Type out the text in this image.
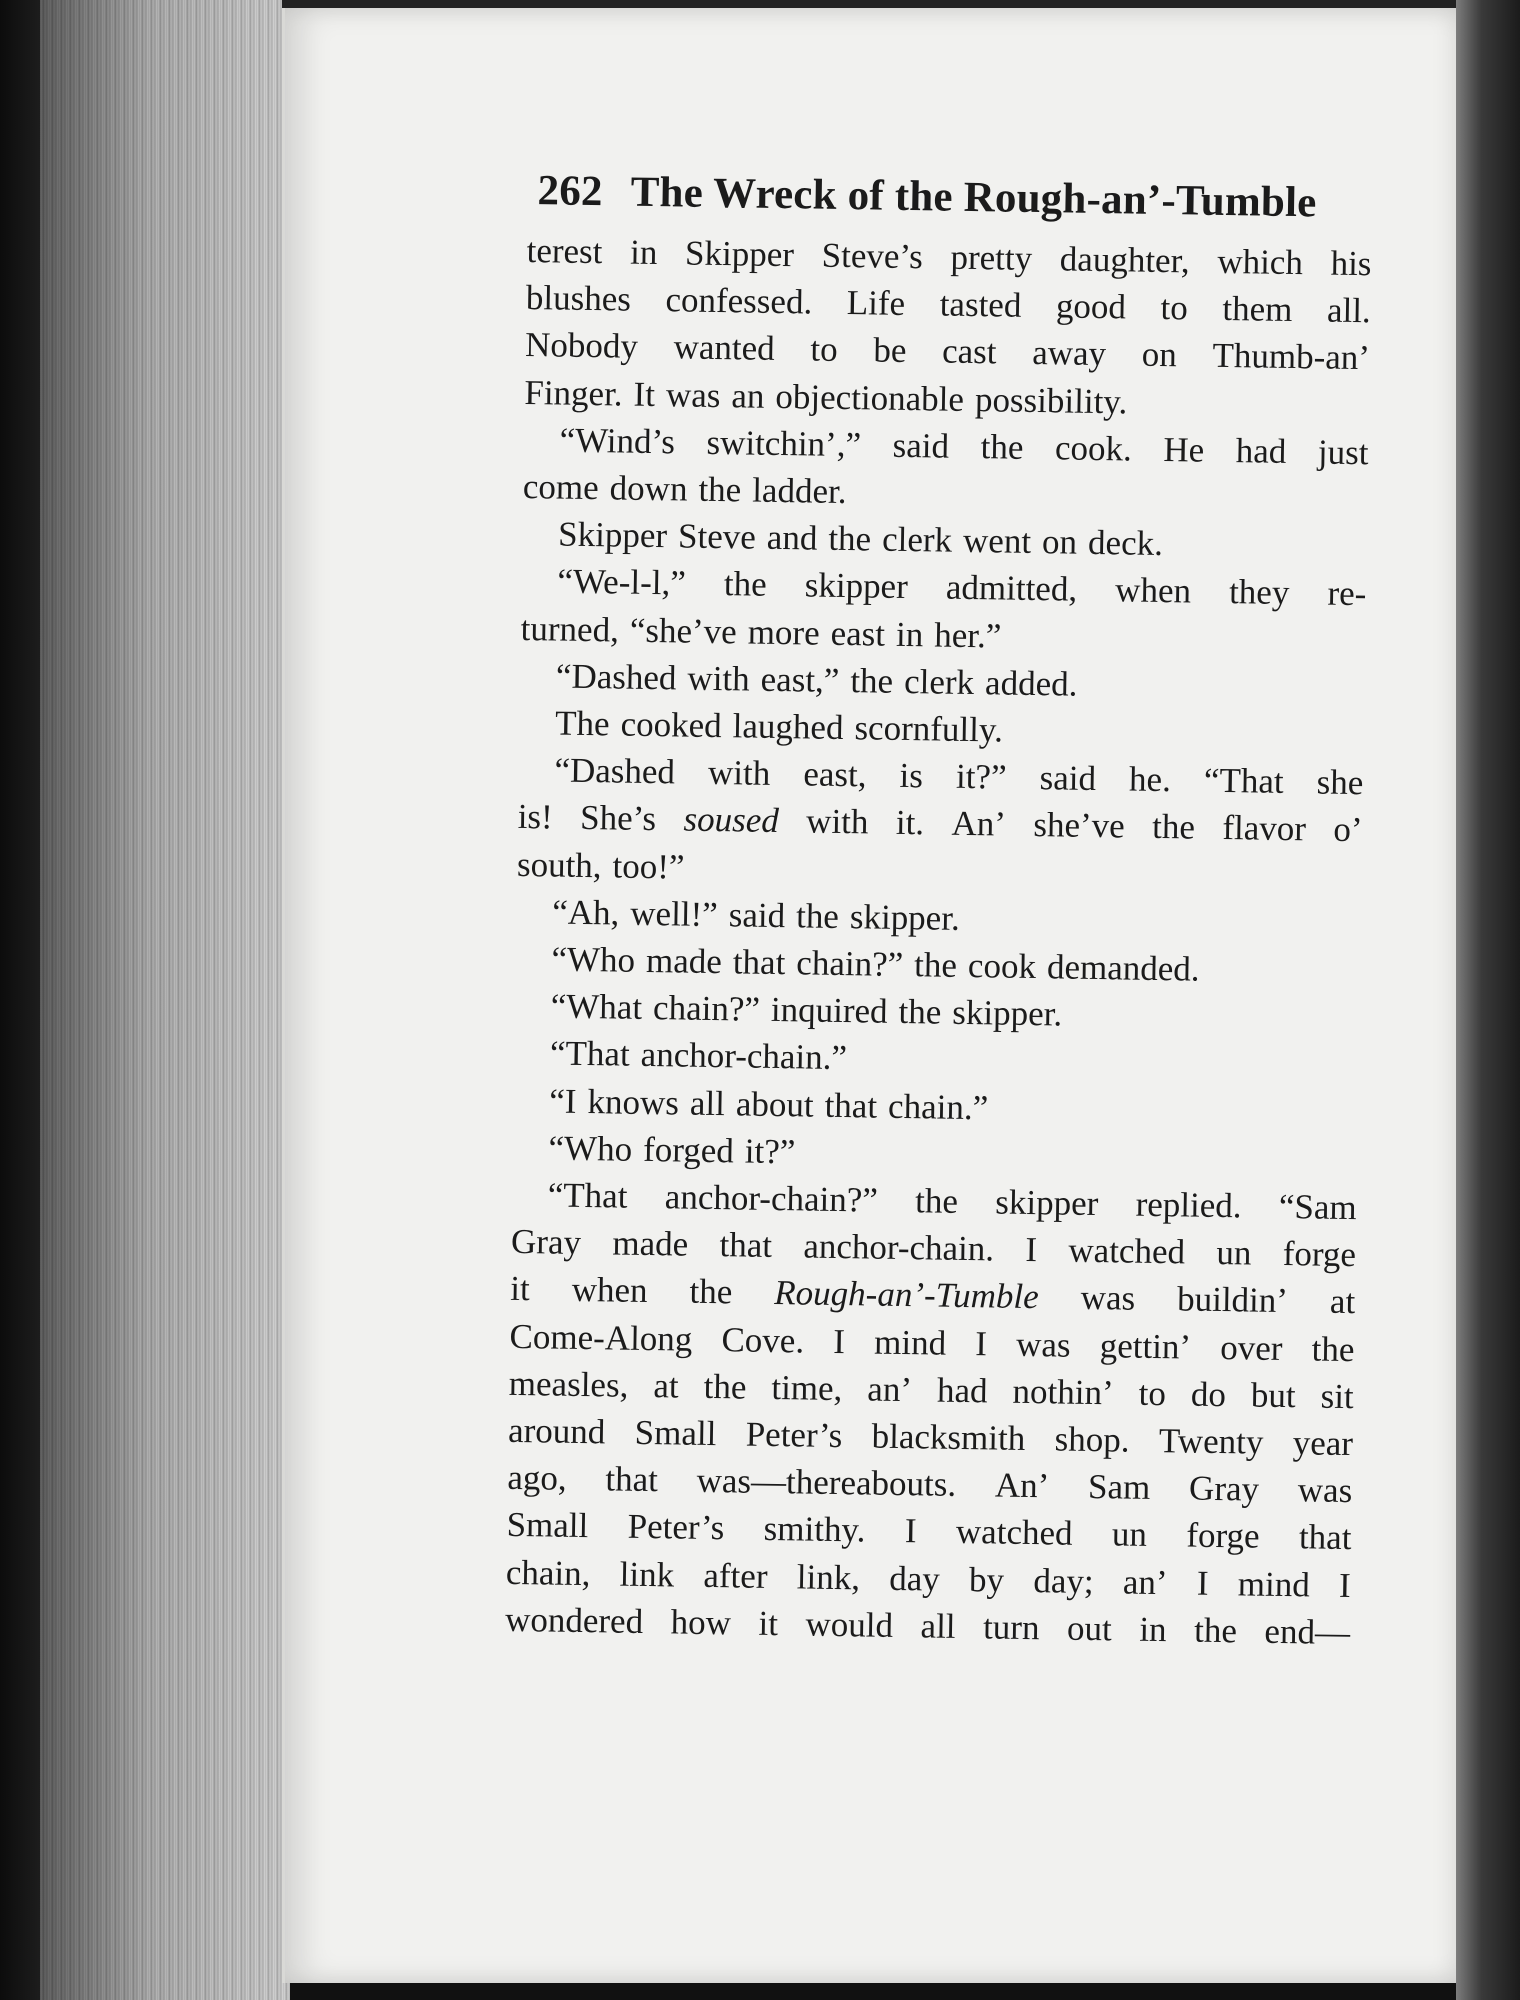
262 The Wreck of the Rough-an’-Tumble
terest in Skipper Steve’s pretty daughter, which his
blushes confessed. Life tasted good to them all.
Nobody wanted to be cast away on Thumb-an’
Finger. It was an objectionable possibility.
“Wind’s switchin’,” said the cook. He had just
come down the ladder.
Skipper Steve and the clerk went on deck.
“We-l-l,” the skipper admitted, when they re-
turned, “she’ve more east in her.”
“Dashed with east,” the clerk added.
The cooked laughed scornfully.
“Dashed with east, is it?” said he. “That she
is! She’s soused with it. An’ she’ve the flavor o’
south, too!”
“Ah, well!” said the skipper.
“Who made that chain?” the cook demanded.
“What chain?” inquired the skipper.
“That anchor-chain.”
“I knows all about that chain.”
“Who forged it?”
“That anchor-chain?” the skipper replied. “Sam
Gray made that anchor-chain. I watched un forge
it when the Rough-an’-Tumble was buildin’ at
Come-Along Cove. I mind I was gettin’ over the
measles, at the time, an’ had nothin’ to do but sit
around Small Peter’s blacksmith shop. Twenty year
ago, that was—thereabouts. An’ Sam Gray was
Small Peter’s smithy. I watched un forge that
chain, link after link, day by day; an’ I mind I
wondered how it would all turn out in the end—
